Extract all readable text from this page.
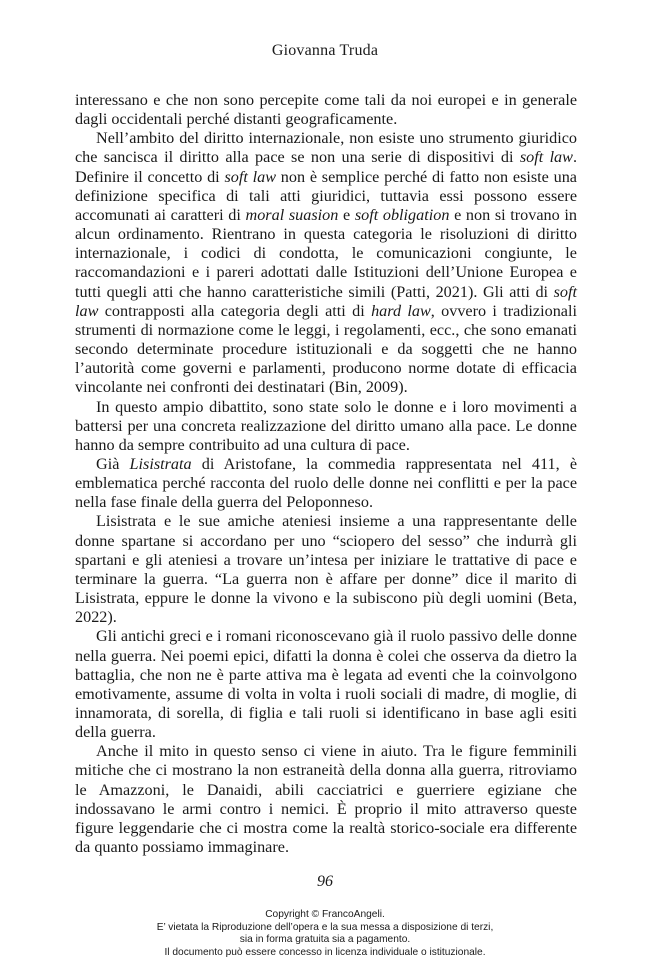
Giovanna Truda

interessano e che non sono percepite come tali da noi europei e in generale dagli occidentali perché distanti geograficamente.

Nell’ambito del diritto internazionale, non esiste uno strumento giuridico che sancisca il diritto alla pace se non una serie di dispositivi di soft law. Definire il concetto di soft law non è semplice perché di fatto non esiste una definizione specifica di tali atti giuridici, tuttavia essi possono essere accomunati ai caratteri di moral suasion e soft obligation e non si trovano in alcun ordinamento. Rientrano in questa categoria le risoluzioni di diritto internazionale, i codici di condotta, le comunicazioni congiunte, le raccomandazioni e i pareri adottati dalle Istituzioni dell’Unione Europea e tutti quegli atti che hanno caratteristiche simili (Patti, 2021). Gli atti di soft law contrapposti alla categoria degli atti di hard law, ovvero i tradizionali strumenti di normazione come le leggi, i regolamenti, ecc., che sono emanati secondo determinate procedure istituzionali e da soggetti che ne hanno l’autorità come governi e parlamenti, producono norme dotate di efficacia vincolante nei confronti dei destinatari (Bin, 2009).

In questo ampio dibattito, sono state solo le donne e i loro movimenti a battersi per una concreta realizzazione del diritto umano alla pace. Le donne hanno da sempre contribuito ad una cultura di pace.

Già Lisistrata di Aristofane, la commedia rappresentata nel 411, è emblematica perché racconta del ruolo delle donne nei conflitti e per la pace nella fase finale della guerra del Peloponneso.

Lisistrata e le sue amiche ateniesi insieme a una rappresentante delle donne spartane si accordano per uno “sciopero del sesso” che indurrà gli spartani e gli ateniesi a trovare un’intesa per iniziare le trattative di pace e terminare la guerra. “La guerra non è affare per donne” dice il marito di Lisistrata, eppure le donne la vivono e la subiscono più degli uomini (Beta, 2022).

Gli antichi greci e i romani riconoscevano già il ruolo passivo delle donne nella guerra. Nei poemi epici, difatti la donna è colei che osserva da dietro la battaglia, che non ne è parte attiva ma è legata ad eventi che la coinvolgono emotivamente, assume di volta in volta i ruoli sociali di madre, di moglie, di innamorata, di sorella, di figlia e tali ruoli si identificano in base agli esiti della guerra.

Anche il mito in questo senso ci viene in aiuto. Tra le figure femminili mitiche che ci mostrano la non estraneità della donna alla guerra, ritroviamo le Amazzoni, le Danaidi, abili cacciatrici e guerriere egiziane che indossavano le armi contro i nemici. È proprio il mito attraverso queste figure leggendarie che ci mostra come la realtà storico-sociale era differente da quanto possiamo immaginare.

96
Copyright © FrancoAngeli.
E’ vietata la Riproduzione dell’opera e la sua messa a disposizione di terzi,
sia in forma gratuita sia a pagamento.
Il documento può essere concesso in licenza individuale o istituzionale.
